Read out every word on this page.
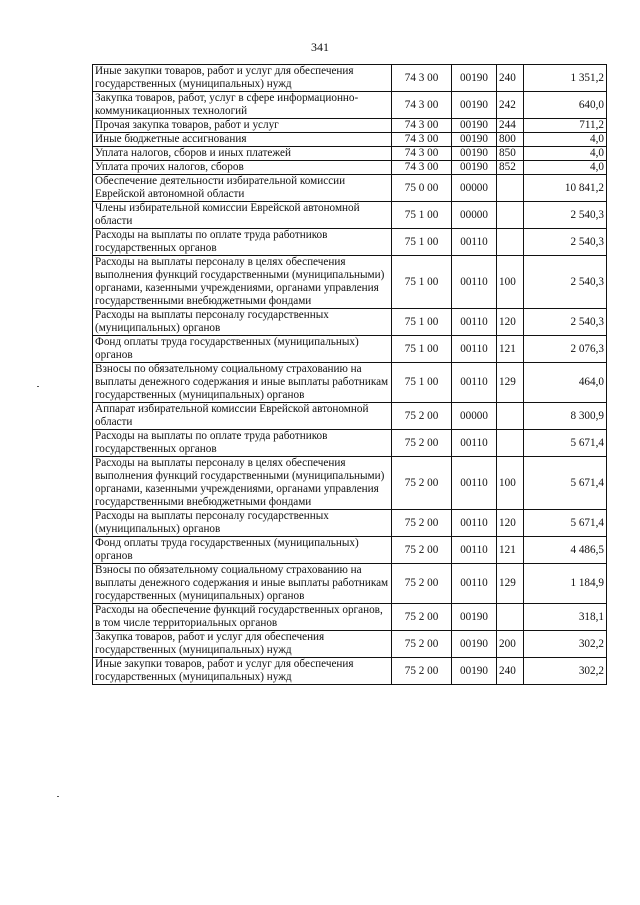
341
Иные закупки товаров, работ и услуг для обеспечения государственных (муниципальных) нужд	74 3 00	00190	240	1 351,2
Закупка товаров, работ, услуг в сфере информационно-коммуникационных технологий	74 3 00	00190	242	640,0
Прочая закупка товаров, работ и услуг	74 3 00	00190	244	711,2
Иные бюджетные ассигнования	74 3 00	00190	800	4,0
Уплата налогов, сборов и иных платежей	74 3 00	00190	850	4,0
Уплата прочих налогов, сборов	74 3 00	00190	852	4,0
Обеспечение деятельности избирательной комиссии Еврейской автономной области	75 0 00	00000		10 841,2
Члены избирательной комиссии Еврейской автономной области	75 1 00	00000		2 540,3
Расходы на выплаты по оплате труда работников государственных органов	75 1 00	00110		2 540,3
Расходы на выплаты персоналу в целях обеспечения выполнения функций государственными (муниципальными) органами, казенными учреждениями, органами управления государственными внебюджетными фондами	75 1 00	00110	100	2 540,3
Расходы на выплаты персоналу государственных (муниципальных) органов	75 1 00	00110	120	2 540,3
Фонд оплаты труда государственных (муниципальных) органов	75 1 00	00110	121	2 076,3
Взносы по обязательному социальному страхованию на выплаты денежного содержания и иные выплаты работникам государственных (муниципальных) органов	75 1 00	00110	129	464,0
Аппарат избирательной комиссии Еврейской автономной области	75 2 00	00000		8 300,9
Расходы на выплаты по оплате труда работников государственных органов	75 2 00	00110		5 671,4
Расходы на выплаты персоналу в целях обеспечения выполнения функций государственными (муниципальными) органами, казенными учреждениями, органами управления государственными внебюджетными фондами	75 2 00	00110	100	5 671,4
Расходы на выплаты персоналу государственных (муниципальных) органов	75 2 00	00110	120	5 671,4
Фонд оплаты труда государственных (муниципальных) органов	75 2 00	00110	121	4 486,5
Взносы по обязательному социальному страхованию на выплаты денежного содержания и иные выплаты работникам государственных (муниципальных) органов	75 2 00	00110	129	1 184,9
Расходы на обеспечение функций государственных органов, в том числе территориальных органов	75 2 00	00190		318,1
Закупка товаров, работ и услуг для обеспечения государственных (муниципальных) нужд	75 2 00	00190	200	302,2
Иные закупки товаров, работ и услуг для обеспечения государственных (муниципальных) нужд	75 2 00	00190	240	302,2
